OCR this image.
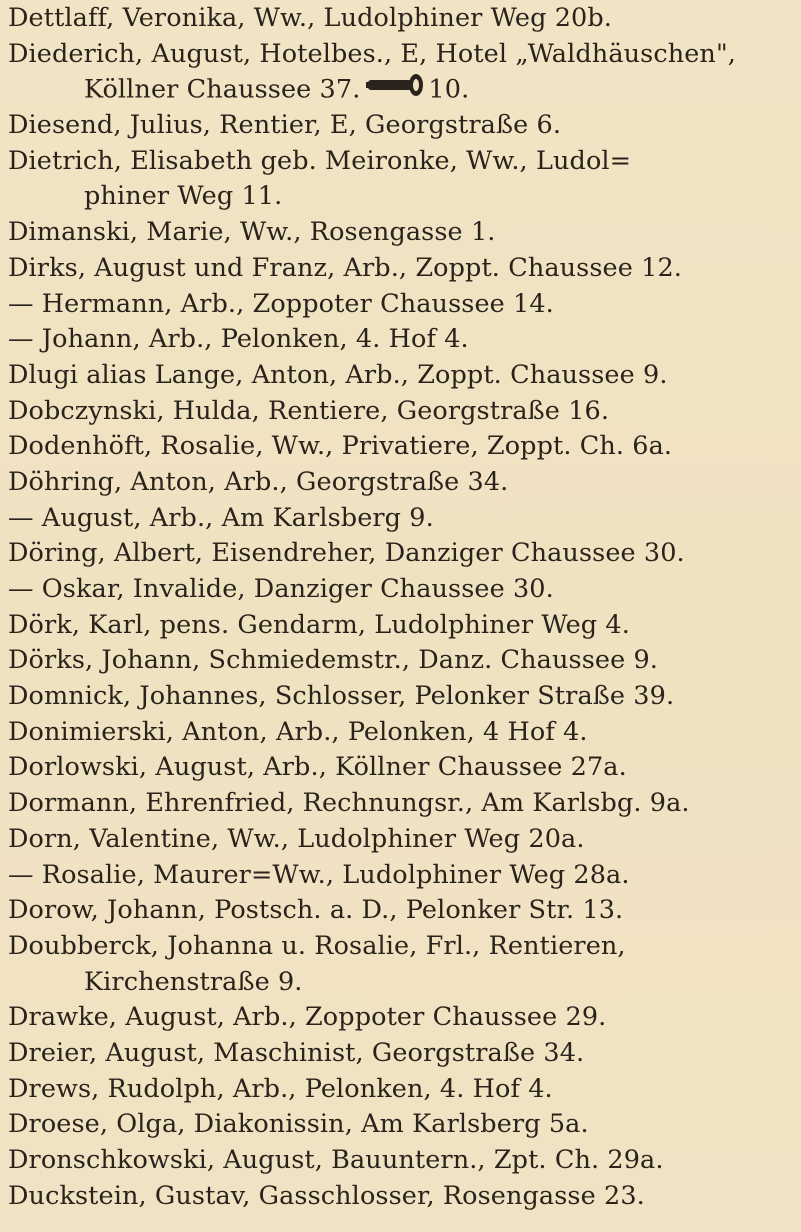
Dettlaff, Veronika, Ww., Ludolphiner Weg 20b.
Diederich, August, Hotelbes., E, Hotel „Waldhäuschen",
Köllner Chaussee 37.	10.
Diesend, Julius, Rentier, E, Georgstraße 6.
Dietrich, Elisabeth geb. Meironke, Ww., Ludol=
phiner Weg 11.
Dimanski, Marie, Ww., Rosengasse 1.
Dirks, August und Franz, Arb., Zoppt. Chaussee 12.
— Hermann, Arb., Zoppoter Chaussee 14.
— Johann, Arb., Pelonken, 4. Hof 4.
Dlugi alias Lange, Anton, Arb., Zoppt. Chaussee 9.
Dobczynski, Hulda, Rentiere, Georgstraße 16.
Dodenhöft, Rosalie, Ww., Privatiere, Zoppt. Ch. 6a.
Döhring, Anton, Arb., Georgstraße 34.
— August, Arb., Am Karlsberg 9.
Döring, Albert, Eisendreher, Danziger Chaussee 30.
— Oskar, Invalide, Danziger Chaussee 30.
Dörk, Karl, pens. Gendarm, Ludolphiner Weg 4.
Dörks, Johann, Schmiedemstr., Danz. Chaussee 9.
Domnick, Johannes, Schlosser, Pelonker Straße 39.
Donimierski, Anton, Arb., Pelonken, 4 Hof 4.
Dorlowski, August, Arb., Köllner Chaussee 27a.
Dormann, Ehrenfried, Rechnungsr., Am Karlsbg. 9a.
Dorn, Valentine, Ww., Ludolphiner Weg 20a.
— Rosalie, Maurer=Ww., Ludolphiner Weg 28a.
Dorow, Johann, Postsch. a. D., Pelonker Str. 13.
Doubberck, Johanna u. Rosalie, Frl., Rentieren,
Kirchenstraße 9.
Drawke, August, Arb., Zoppoter Chaussee 29.
Dreier, August, Maschinist, Georgstraße 34.
Drews, Rudolph, Arb., Pelonken, 4. Hof 4.
Droese, Olga, Diakonissin, Am Karlsberg 5a.
Dronschkowski, August, Bauuntern., Zpt. Ch. 29a.
Duckstein, Gustav, Gasschlosser, Rosengasse 23.
